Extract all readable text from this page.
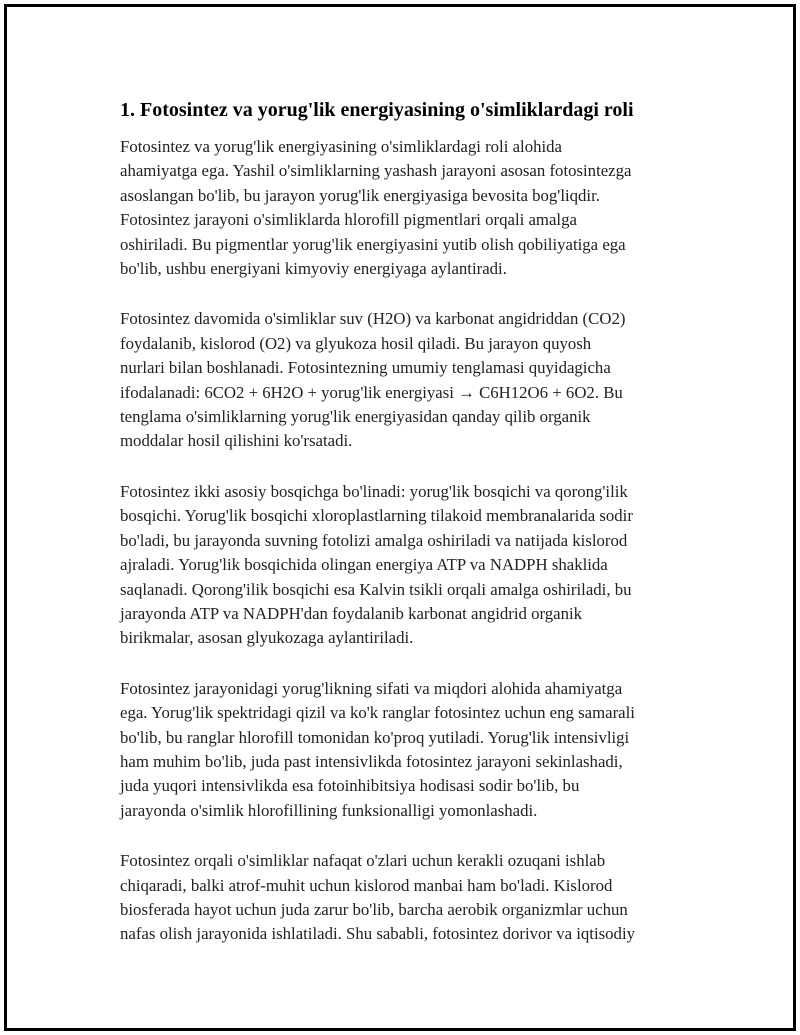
1. Fotosintez va yorug'lik energiyasining o'simliklardagi roli

Fotosintez va yorug'lik energiyasining o'simliklardagi roli alohida
ahamiyatga ega. Yashil o'simliklarning yashash jarayoni asosan fotosintezga
asoslangan bo'lib, bu jarayon yorug'lik energiyasiga bevosita bog'liqdir.
Fotosintez jarayoni o'simliklarda hlorofill pigmentlari orqali amalga
oshiriladi. Bu pigmentlar yorug'lik energiyasini yutib olish qobiliyatiga ega
bo'lib, ushbu energiyani kimyoviy energiyaga aylantiradi.

Fotosintez davomida o'simliklar suv (H2O) va karbonat angidriddan (CO2)
foydalanib, kislorod (O2) va glyukoza hosil qiladi. Bu jarayon quyosh
nurlari bilan boshlanadi. Fotosintezning umumiy tenglamasi quyidagicha
ifodalanadi: 6CO2 + 6H2O + yorug'lik energiyasi → C6H12O6 + 6O2. Bu
tenglama o'simliklarning yorug'lik energiyasidan qanday qilib organik
moddalar hosil qilishini ko'rsatadi.

Fotosintez ikki asosiy bosqichga bo'linadi: yorug'lik bosqichi va qorong'ilik
bosqichi. Yorug'lik bosqichi xloroplastlarning tilakoid membranalarida sodir
bo'ladi, bu jarayonda suvning fotolizi amalga oshiriladi va natijada kislorod
ajraladi. Yorug'lik bosqichida olingan energiya ATP va NADPH shaklida
saqlanadi. Qorong'ilik bosqichi esa Kalvin tsikli orqali amalga oshiriladi, bu
jarayonda ATP va NADPH'dan foydalanib karbonat angidrid organik
birikmalar, asosan glyukozaga aylantiriladi.

Fotosintez jarayonidagi yorug'likning sifati va miqdori alohida ahamiyatga
ega. Yorug'lik spektridagi qizil va ko'k ranglar fotosintez uchun eng samarali
bo'lib, bu ranglar hlorofill tomonidan ko'proq yutiladi. Yorug'lik intensivligi
ham muhim bo'lib, juda past intensivlikda fotosintez jarayoni sekinlashadi,
juda yuqori intensivlikda esa fotoinhibitsiya hodisasi sodir bo'lib, bu
jarayonda o'simlik hlorofillining funksionalligi yomonlashadi.

Fotosintez orqali o'simliklar nafaqat o'zlari uchun kerakli ozuqani ishlab
chiqaradi, balki atrof-muhit uchun kislorod manbai ham bo'ladi. Kislorod
biosferada hayot uchun juda zarur bo'lib, barcha aerobik organizmlar uchun
nafas olish jarayonida ishlatiladi. Shu sababli, fotosintez dorivor va iqtisodiy
